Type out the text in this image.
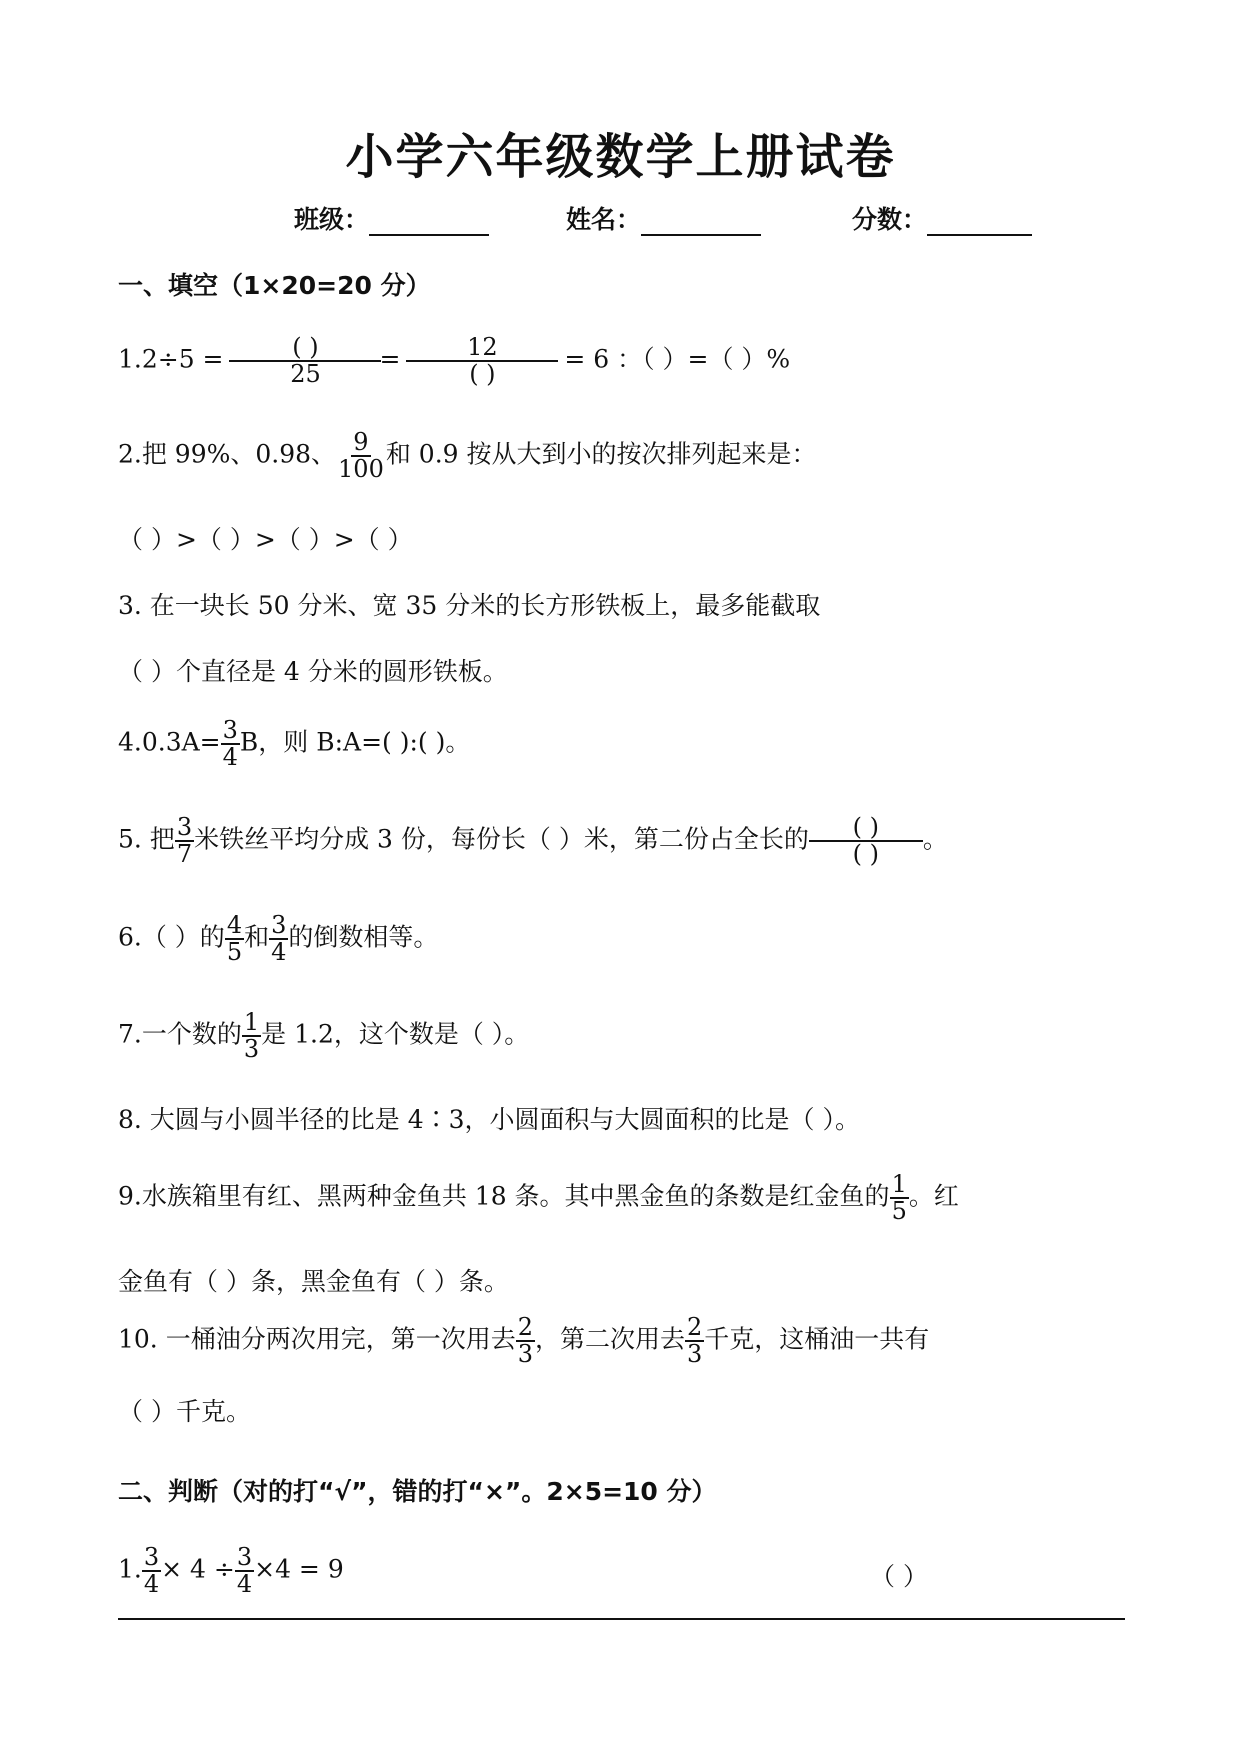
小学六年级数学上册试卷
班级：	姓名：	分数：
一、填空（1×20=20 分）
$1.2\div 5 = \frac{( )}{25} = \frac{12}{( )} = 6$ ：（ ）=（ ）%
2.把 99%、0.98、 $\frac{9}{100}$ 和 0.9 按从大到小的按次排列起来是：
（ ）>（ ）>（ ）>（ ）
3. 在一块长 50 分米、宽 35 分米的长方形铁板上，最多能截取
（ ）个直径是 4 分米的圆形铁板。
$4.0.3A= \frac{3}{4}$ B，则 B:A=( ):( )。
5. 把 $\frac{3}{7}$ 米铁丝平均分成 3 份，每份长（ ）米，第二份占全长的 $\frac{( )}{( )}$ 。
6.（ ）的 $\frac{4}{5}$ 和 $\frac{3}{4}$ 的倒数相等。
7.一个数的 $\frac{1}{3}$ 是 1.2，这个数是（ ）。
8. 大圆与小圆半径的比是 4∶3，小圆面积与大圆面积的比是（ ）。
9.水族箱里有红、黑两种金鱼共 18 条。其中黑金鱼的条数是红金鱼的 $\frac{1}{5}$ 。红
金鱼有（ ）条，黑金鱼有（ ）条。
10. 一桶油分两次用完，第一次用去 $\frac{2}{3}$ ，第二次用去 $\frac{2}{3}$ 千克，这桶油一共有
（ ）千克。
二、判断（对的打“√”，错的打“×”。2×5=10 分）
1. $\frac{3}{4} \times 4 \div \frac{3}{4} \times 4 = 9$	（ ）
